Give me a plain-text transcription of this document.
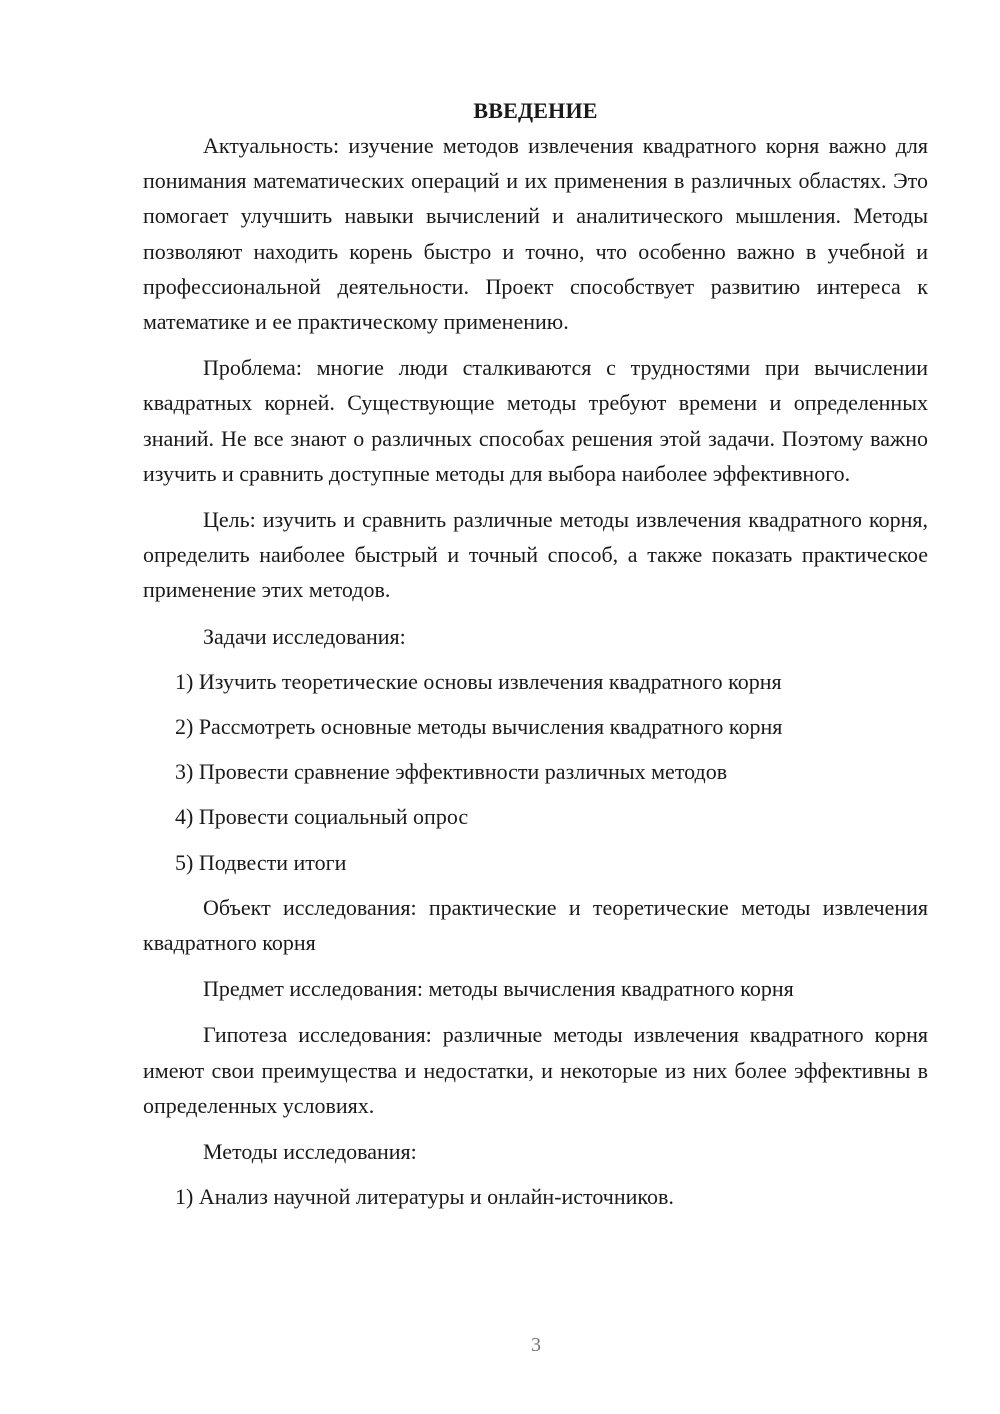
ВВЕДЕНИЕ

Актуальность: изучение методов извлечения квадратного корня важно для понимания математических операций и их применения в различных областях. Это помогает улучшить навыки вычислений и аналитического мышления. Методы позволяют находить корень быстро и точно, что особенно важно в учебной и профессиональной деятельности. Проект способствует развитию интереса к математике и ее практическому применению.

Проблема: многие люди сталкиваются с трудностями при вычислении квадратных корней. Существующие методы требуют времени и определенных знаний. Не все знают о различных способах решения этой задачи. Поэтому важно изучить и сравнить доступные методы для выбора наиболее эффективного.

Цель: изучить и сравнить различные методы извлечения квадратного корня, определить наиболее быстрый и точный способ, а также показать практическое применение этих методов.

Задачи исследования:

1) Изучить теоретические основы извлечения квадратного корня

2) Рассмотреть основные методы вычисления квадратного корня

3) Провести сравнение эффективности различных методов

4) Провести социальный опрос

5) Подвести итоги

Объект исследования: практические и теоретические методы извлечения квадратного корня

Предмет исследования: методы вычисления квадратного корня

Гипотеза исследования: различные методы извлечения квадратного корня имеют свои преимущества и недостатки, и некоторые из них более эффективны в определенных условиях.

Методы исследования:

1) Анализ научной литературы и онлайн-источников.

3
